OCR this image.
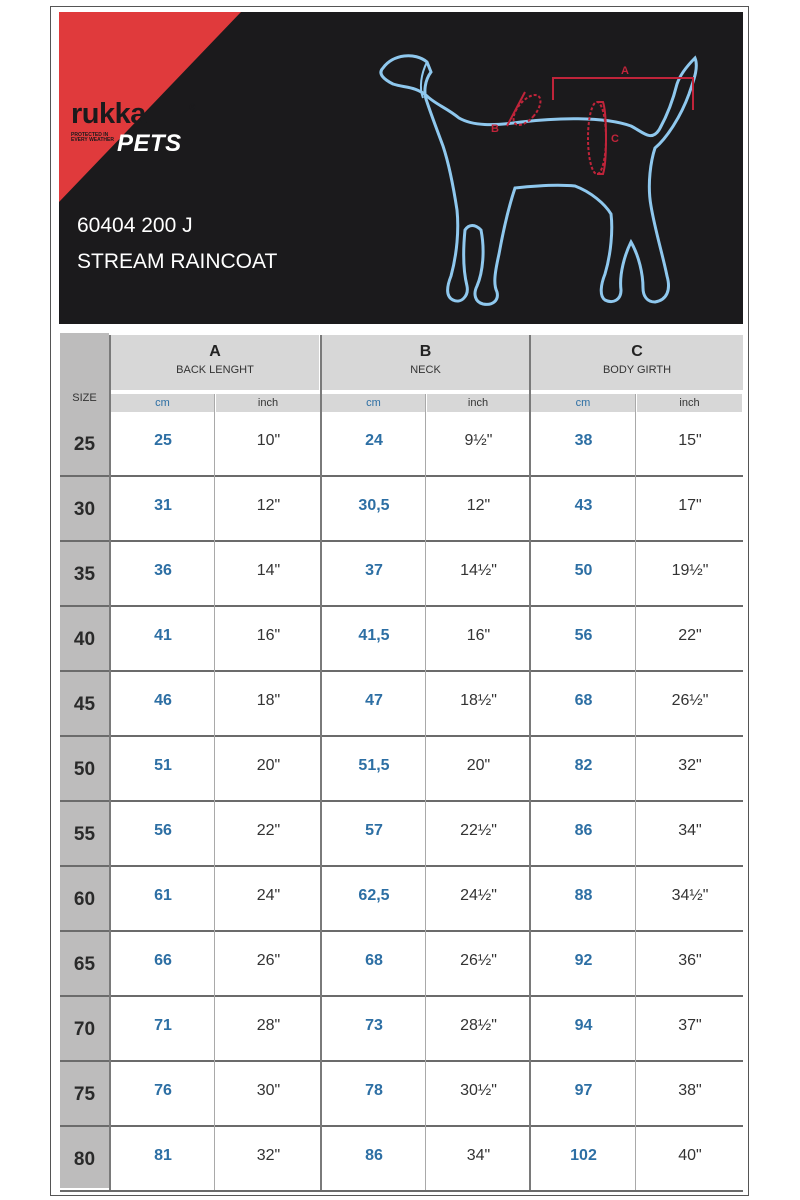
rukka	®
PROTECTED IN EVERY WEATHER PETS
60404 200 J
STREAM RAINCOAT
A
B
C
SIZE
A
BACK LENGHT
cm	inch
B
NECK
cm	inch
C
BODY GIRTH
cm	inch
25	25	10"	24	9½"	38	15"
30	31	12"	30,5	12"	43	17"
35	36	14"	37	14½"	50	19½"
40	41	16"	41,5	16"	56	22"
45	46	18"	47	18½"	68	26½"
50	51	20"	51,5	20"	82	32"
55	56	22"	57	22½"	86	34"
60	61	24"	62,5	24½"	88	34½"
65	66	26"	68	26½"	92	36"
70	71	28"	73	28½"	94	37"
75	76	30"	78	30½"	97	38"
80	81	32"	86	34"	102	40"
